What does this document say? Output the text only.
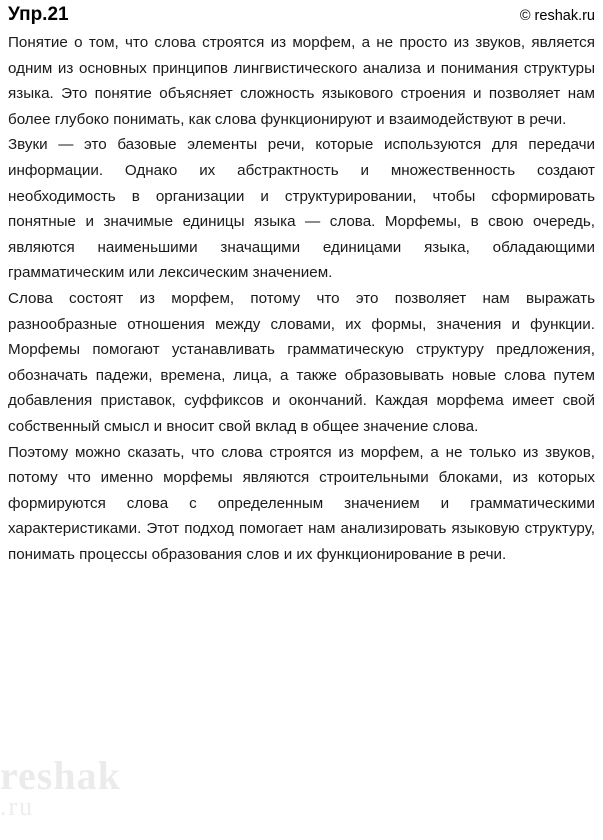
Упр.21	© reshak.ru
reshak
.ru

Понятие о том, что слова строятся из морфем, а не просто из звуков, является одним из основных принципов лингвистического анализа и понимания структуры языка. Это понятие объясняет сложность языкового строения и позволяет нам более глубоко понимать, как слова функционируют и взаимодействуют в речи.

Звуки — это базовые элементы речи, которые используются для передачи информации. Однако их абстрактность и множественность создают необходимость в организации и структурировании, чтобы сформировать понятные и значимые единицы языка — слова. Морфемы, в свою очередь, являются наименьшими значащими единицами языка, обладающими грамматическим или лексическим значением.

Слова состоят из морфем, потому что это позволяет нам выражать разнообразные отношения между словами, их формы, значения и функции. Морфемы помогают устанавливать грамматическую структуру предложения, обозначать падежи, времена, лица, а также образовывать новые слова путем добавления приставок, суффиксов и окончаний. Каждая морфема имеет свой собственный смысл и вносит свой вклад в общее значение слова.

Поэтому можно сказать, что слова строятся из морфем, а не только из звуков, потому что именно морфемы являются строительными блоками, из которых формируются слова с определенным значением и грамматическими характеристиками. Этот подход помогает нам анализировать языковую структуру, понимать процессы образования слов и их функционирование в речи.
